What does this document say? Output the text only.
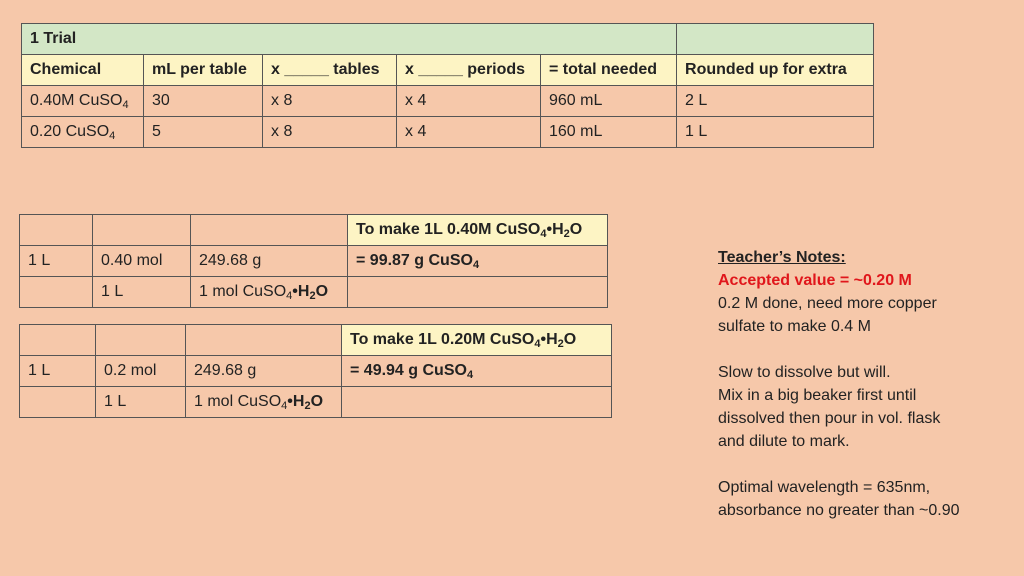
1 Trial					
Chemical	mL per table	x _____ tables	x _____ periods	= total needed	Rounded up for extra
0.40M CuSO$_4$	30	x 8	x 4	960 mL	2 L
0.20 CuSO$_4$	5	x 8	x 4	160 mL	1 L
			To make 1L 0.40M $CuSO_4•H_2O$
1 L	0.40 mol	249.68 g	= 99.87 g CuSO$_4$
	1 L	1 mol $CuSO_4•H_2O$	
			To make 1L 0.20M $CuSO_4•H_2O$
1 L	0.2 mol	249.68 g	= 49.94 g CuSO$_4$
	1 L	1 mol $CuSO_4•H_2O$	
Teacher’s Notes:
Accepted value = ~0.20 M
0.2 M done, need more copper
sulfate to make 0.4 M
Slow to dissolve but will.
Mix in a big beaker first until
dissolved then pour in vol. flask
and dilute to mark.
Optimal wavelength = 635nm,
absorbance no greater than ~0.90
